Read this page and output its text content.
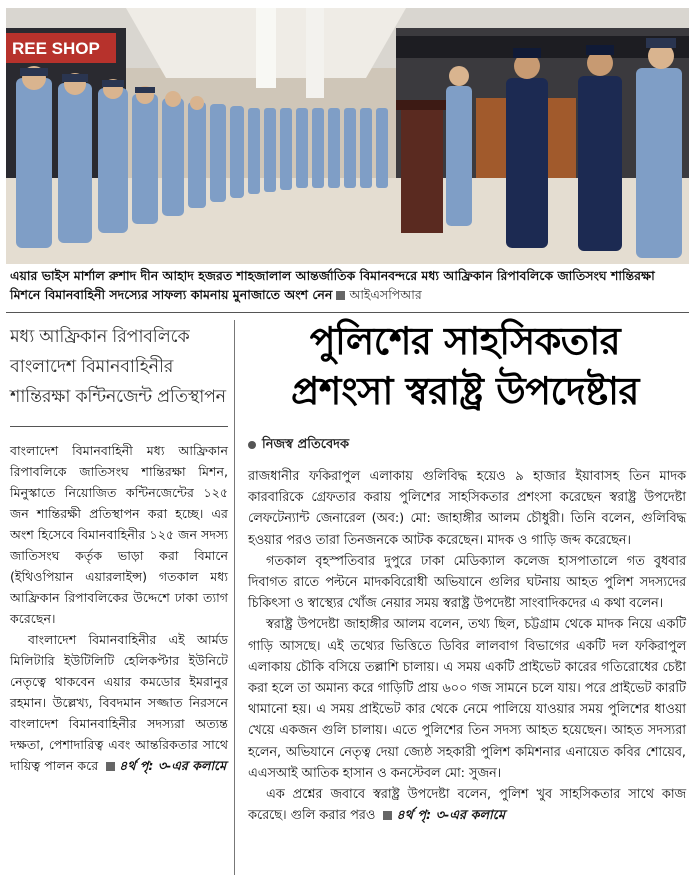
REE SHOP
এয়ার ভাইস মার্শাল রুশাদ দীন আহাদ হজরত শাহজালাল আন্তর্জাতিক বিমানবন্দরে মধ্য আফ্রিকান রিপাবলিকে জাতিসংঘ শান্তিরক্ষা মিশনে বিমানবাহিনী সদস্যের সাফল্য কামনায় মুনাজাতে অংশ নেন আইএসপিআর
মধ্য আফ্রিকান রিপাবলিকে বাংলাদেশ বিমানবাহিনীর শান্তিরক্ষা কন্টিনজেন্ট প্রতিস্থাপন

বাংলাদেশ বিমানবাহিনী মধ্য আফ্রিকান রিপাবলিকে জাতিসংঘ শান্তিরক্ষা মিশন, মিনুস্কাতে নিয়োজিত কন্টিনজেন্টের ১২৫ জন শান্তিরক্ষী প্রতিস্থাপন করা হচ্ছে। এর অংশ হিসেবে বিমানবাহিনীর ১২৫ জন সদস্য জাতিসংঘ কর্তৃক ভাড়া করা বিমানে (ইথিওপিয়ান এয়ারলাইন্স) গতকাল মধ্য আফ্রিকান রিপাবলিকের উদ্দেশে ঢাকা ত্যাগ করেছেন।

বাংলাদেশ বিমানবাহিনীর এই আর্মড মিলিটারি ইউটিলিটি হেলিকপ্টার ইউনিটে নেতৃত্বে থাকবেন এয়ার কমডোর ইমরানুর রহমান। উল্লেখ্য, বিবদমান সজ্জাত নিরসনে বাংলাদেশ বিমানবাহিনীর সদস্যরা অত্যন্ত দক্ষতা, পেশাদারিত্ব এবং আন্তরিকতার সাথে দায়িত্ব পালন করে ৪র্থ পৃ: ৩-এর কলামে

পুলিশের সাহসিকতার
প্রশংসা স্বরাষ্ট্র উপদেষ্টার
নিজস্ব প্রতিবেদক

রাজধানীর ফকিরাপুল এলাকায় গুলিবিদ্ধ হয়েও ৯ হাজার ইয়াবাসহ তিন মাদক কারবারিকে গ্রেফতার করায় পুলিশের সাহসিকতার প্রশংসা করেছেন স্বরাষ্ট্র উপদেষ্টা লেফটেন্যান্ট জেনারেল (অব:) মো: জাহাঙ্গীর আলম চৌধুরী। তিনি বলেন, গুলিবিদ্ধ হওয়ার পরও তারা তিনজনকে আটক করেছেন। মাদক ও গাড়ি জব্দ করেছেন।

গতকাল বৃহস্পতিবার দুপুরে ঢাকা মেডিক্যাল কলেজ হাসপাতালে গত বুধবার দিবাগত রাতে পল্টনে মাদকবিরোধী অভিযানে গুলির ঘটনায় আহত পুলিশ সদস্যদের চিকিৎসা ও স্বাস্থ্যের খোঁজ নেয়ার সময় স্বরাষ্ট্র উপদেষ্টা সাংবাদিকদের এ কথা বলেন।

স্বরাষ্ট্র উপদেষ্টা জাহাঙ্গীর আলম বলেন, তথ্য ছিল, চট্টগ্রাম থেকে মাদক নিয়ে একটি গাড়ি আসছে। এই তথ্যের ভিত্তিতে ডিবির লালবাগ বিভাগের একটি দল ফকিরাপুল এলাকায় চৌকি বসিয়ে তল্লাশি চালায়। এ সময় একটি প্রাইভেট কারের গতিরোধের চেষ্টা করা হলে তা অমান্য করে গাড়িটি প্রায় ৬০০ গজ সামনে চলে যায়। পরে প্রাইভেট কারটি থামানো হয়। এ সময় প্রাইভেট কার থেকে নেমে পালিয়ে যাওয়ার সময় পুলিশের ধাওয়া খেয়ে একজন গুলি চালায়। এতে পুলিশের তিন সদস্য আহত হয়েছেন। আহত সদস্যরা হলেন, অভিযানে নেতৃত্ব দেয়া জ্যেষ্ঠ সহকারী পুলিশ কমিশনার এনায়েত কবির শোয়েব, এএসআই আতিক হাসান ও কনস্টেবল মো: সুজন।

এক প্রশ্নের জবাবে স্বরাষ্ট্র উপদেষ্টা বলেন, পুলিশ খুব সাহসিকতার সাথে কাজ করেছে। গুলি করার পরও ৪র্থ পৃ: ৩-এর কলামে
